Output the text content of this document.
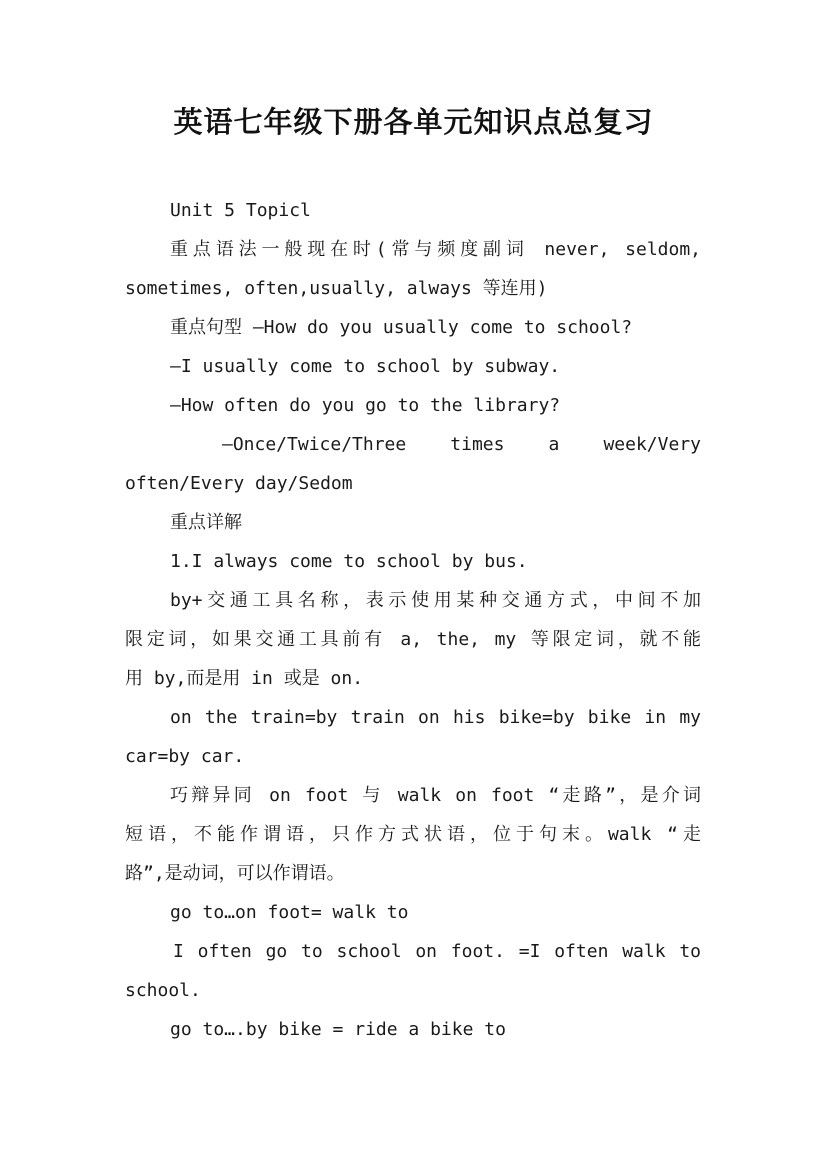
英语七年级下册各单元知识点总复习
Unit 5 Topicl
重点语法一般现在时(常与频度副词 never, seldom,
sometimes, often,usually, always 等连用)
重点句型 —How do you usually come to school?
—I usually come to school by subway.
—How often do you go to the library?
—Once/Twice/Three times a week/Very
often/Every day/Sedom
重点详解
1.I always come to school by bus.
by+交通工具名称，表示使用某种交通方式，中间不加
限定词，如果交通工具前有 a, the, my 等限定词，就不能
用 by,而是用 in 或是 on.
on the train=by train on his bike=by bike in my
car=by car.
巧辩异同 on foot 与 walk on foot “走路”，是介词
短语，不能作谓语，只作方式状语，位于句末。walk “走
路”,是动词，可以作谓语。
go to…on foot= walk to
I often go to school on foot. =I often walk to
school.
go to….by bike = ride a bike to
